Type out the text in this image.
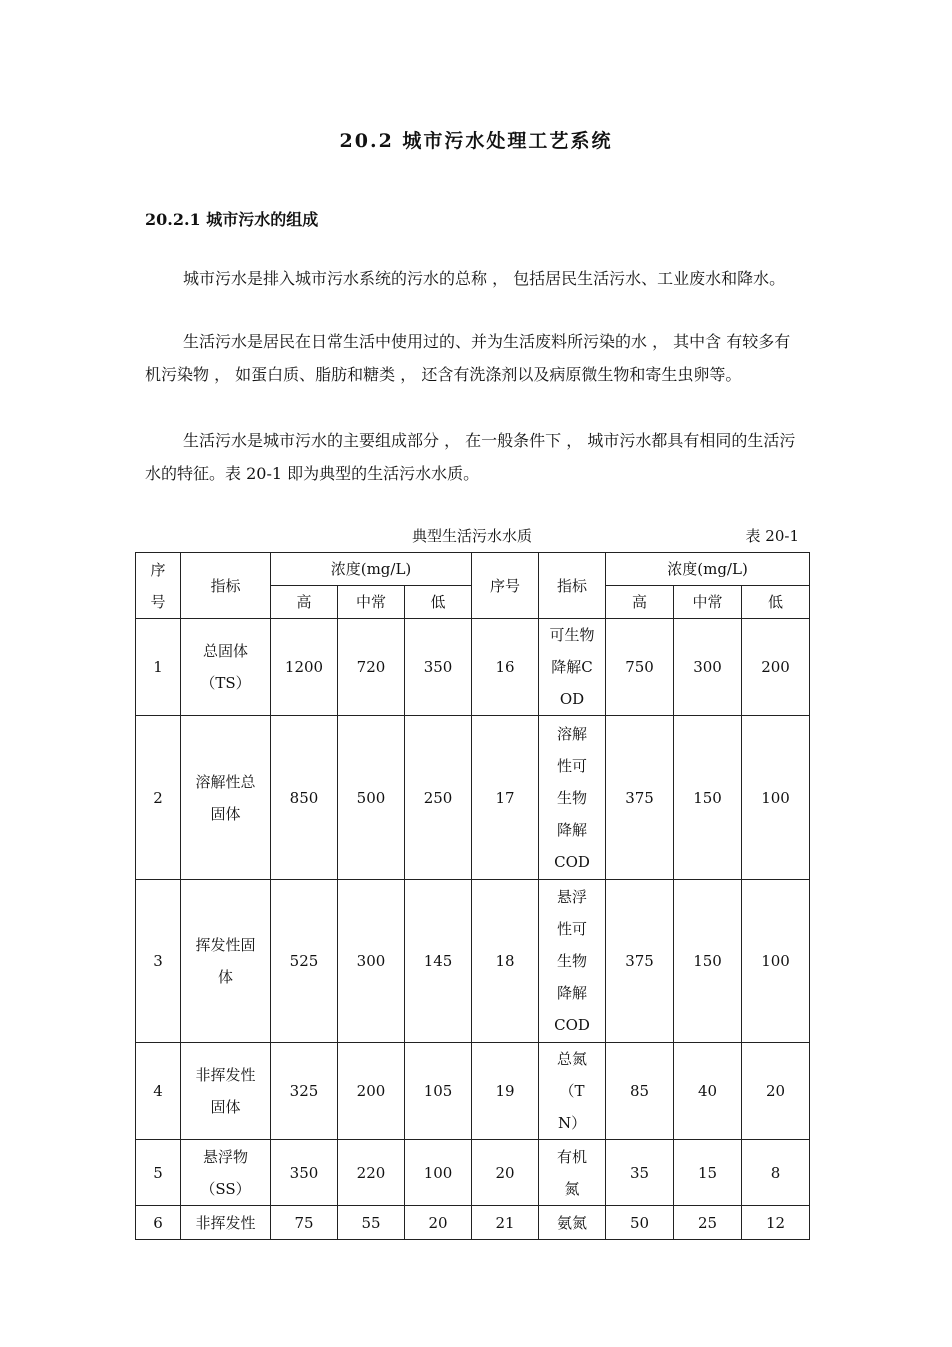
20.2 城市污水处理工艺系统
20.2.1 城市污水的组成

城市污水是排入城市污水系统的污水的总称 ， 包括居民生活污水、工业废水和降水。

生活污水是居民在日常生活中使用过的、并为生活废料所污染的水 ， 其中含 有较多有机污染物 ， 如蛋白质、脂肪和糖类 ， 还含有洗涤剂以及病原微生物和寄生虫卵等。

生活污水是城市污水的主要组成部分 ， 在一般条件下 ， 城市污水都具有相同的生活污水的特征。表 20-1 即为典型的生活污水水质。

典型生活污水水质	表 20-1
序号	指标	浓度(mg/L)			序号	指标	浓度(mg/L)		
		高	中常	低			高	中常	低
1	总固体（TS）	1200	720	350	16	可生物降解COD	750	300	200
2	溶解性总固体	850	500	250	17	溶解性可生物降解COD	375	150	100
3	挥发性固体	525	300	145	18	悬浮性可生物降解COD	375	150	100
4	非挥发性固体	325	200	105	19	总氮（TN）	85	40	20
5	悬浮物（SS）	350	220	100	20	有机氮	35	15	8
6	非挥发性	75	55	20	21	氨氮	50	25	12
